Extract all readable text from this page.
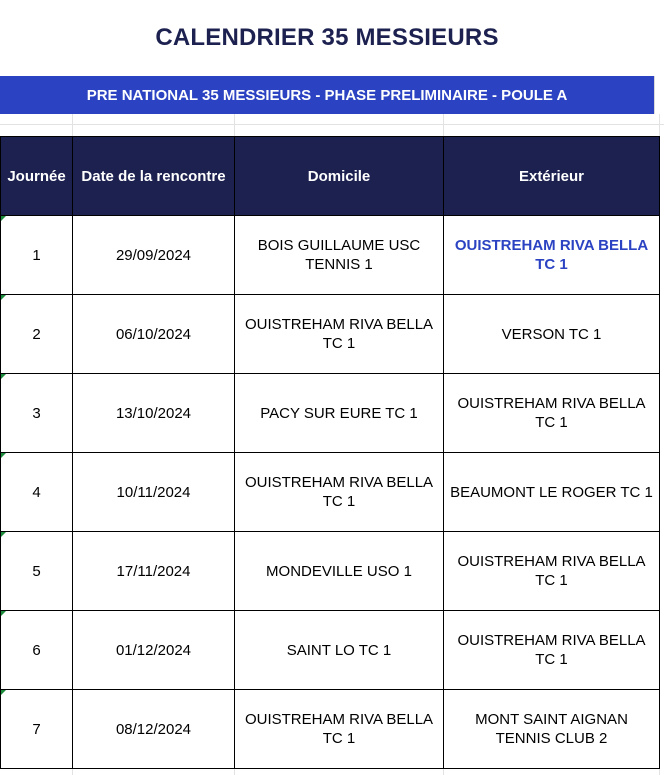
CALENDRIER 35 MESSIEURS
PRE NATIONAL 35 MESSIEURS - PHASE PRELIMINAIRE - POULE A
Journée	Date de la rencontre	Domicile	Extérieur

1	29/09/2024	BOIS GUILLAUME USC TENNIS 1	OUISTREHAM RIVA BELLA TC 1

2	06/10/2024	OUISTREHAM RIVA BELLA TC 1	VERSON TC 1

3	13/10/2024	PACY SUR EURE TC 1	OUISTREHAM RIVA BELLA TC 1

4	10/11/2024	OUISTREHAM RIVA BELLA TC 1	BEAUMONT LE ROGER TC 1

5	17/11/2024	MONDEVILLE USO 1	OUISTREHAM RIVA BELLA TC 1

6	01/12/2024	SAINT LO TC 1	OUISTREHAM RIVA BELLA TC 1

7	08/12/2024	OUISTREHAM RIVA BELLA TC 1	MONT SAINT AIGNAN TENNIS CLUB 2
